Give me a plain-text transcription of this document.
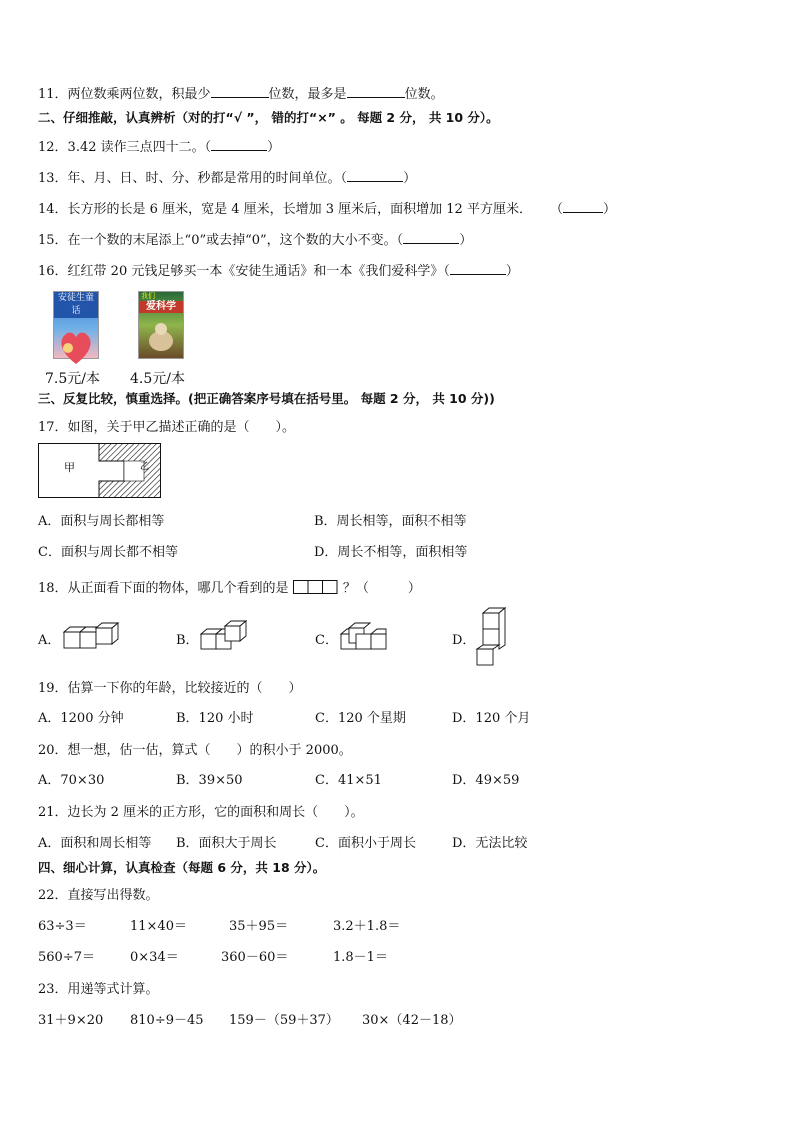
11．两位数乘两位数，积最少	位数，最多是	位数。
二、仔细推敲，认真辨析（对的打“√ ”， 错的打“×” 。 每题 2 分， 共 10 分）。
12．3.42 读作三点四十二。（	）
13．年、月、日、时、分、秒都是常用的时间单位。（	）
14．长方形的长是 6 厘米，宽是 4 厘米，长增加 3 厘米后，面积增加 12 平方厘米． （	）
15．在一个数的末尾添上“0”或去掉“0”，这个数的大小不变。（	）
16．红红带 20 元钱足够买一本《安徒生通话》和一本《我们爱科学》（	）
安徒生童话
我们
爱科学
7.5元/本 4.5元/本
三、反复比较，慎重选择。(把正确答案序号填在括号里。 每题 2 分， 共 10 分))
17．如图，关于甲乙描述正确的是（　　）。
甲	乙
A．面积与周长都相等	B．周长相等，面积不相等
C．面积与周长都不相等	D．周长不相等，面积相等
18．从正面看下面的物体，哪几个看到的是	？（　　　）
A．	B．	C．	D．
19．估算一下你的年龄，比较接近的（　　）
A．1200 分钟	B．120 小时	C．120 个星期	D．120 个月
20．想一想，估一估，算式（　　）的积小于 2000。
A．70×30	B．39×50	C．41×51	D．49×59
21．边长为 2 厘米的正方形，它的面积和周长（　　）。
A．面积和周长相等 B．面积大于周长	C．面积小于周长	D．无法比较
四、细心计算，认真检查（每题 6 分，共 18 分）。
22．直接写出得数。
63÷3＝	11×40＝	35＋95＝	3.2＋1.8＝
560÷7＝	0×34＝	360－60＝	1.8－1＝
23．用递等式计算。
31＋9×20 810÷9－45 159－（59＋37） 30×（42－18）
